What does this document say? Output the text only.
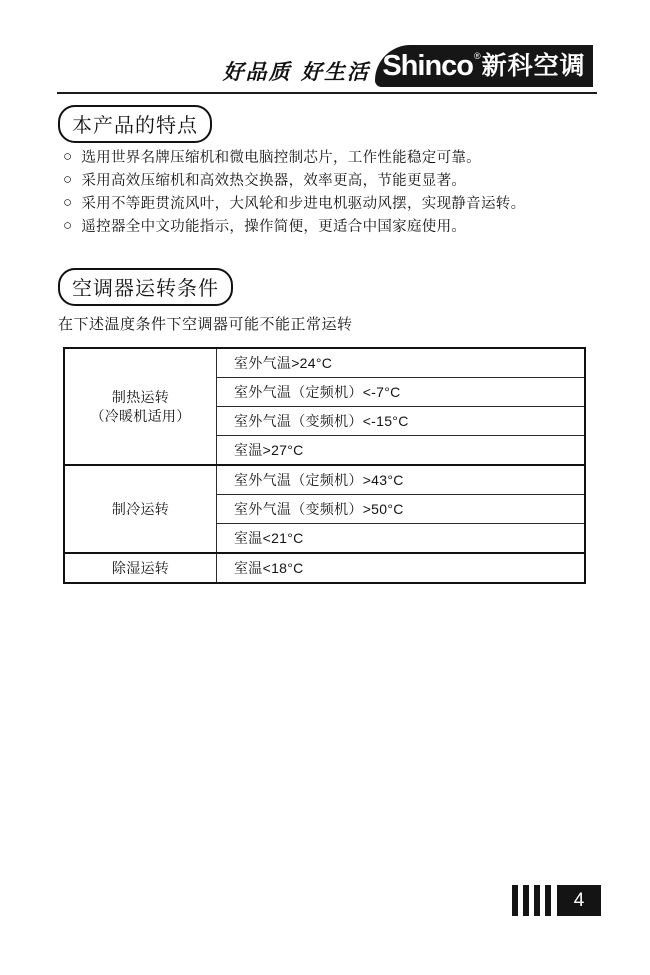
好品质 好生活 Shinco ® 新科空调
本产品的特点
○ 选用世界名牌压缩机和微电脑控制芯片，工作性能稳定可靠。
○ 采用高效压缩机和高效热交换器，效率更高，节能更显著。
○ 采用不等距贯流风叶，大风轮和步进电机驱动风摆，实现静音运转。
○ 遥控器全中文功能指示，操作简便，更适合中国家庭使用。
空调器运转条件
在下述温度条件下空调器可能不能正常运转
制热运转
（冷暖机适用）	室外气温>24°C
	室外气温（定频机）<-7°C
	室外气温（变频机）<-15°C
	室温>27°C
制冷运转	室外气温（定频机）>43°C
	室外气温（变频机）>50°C
	室温<21°C
除湿运转	室温<18°C
4
